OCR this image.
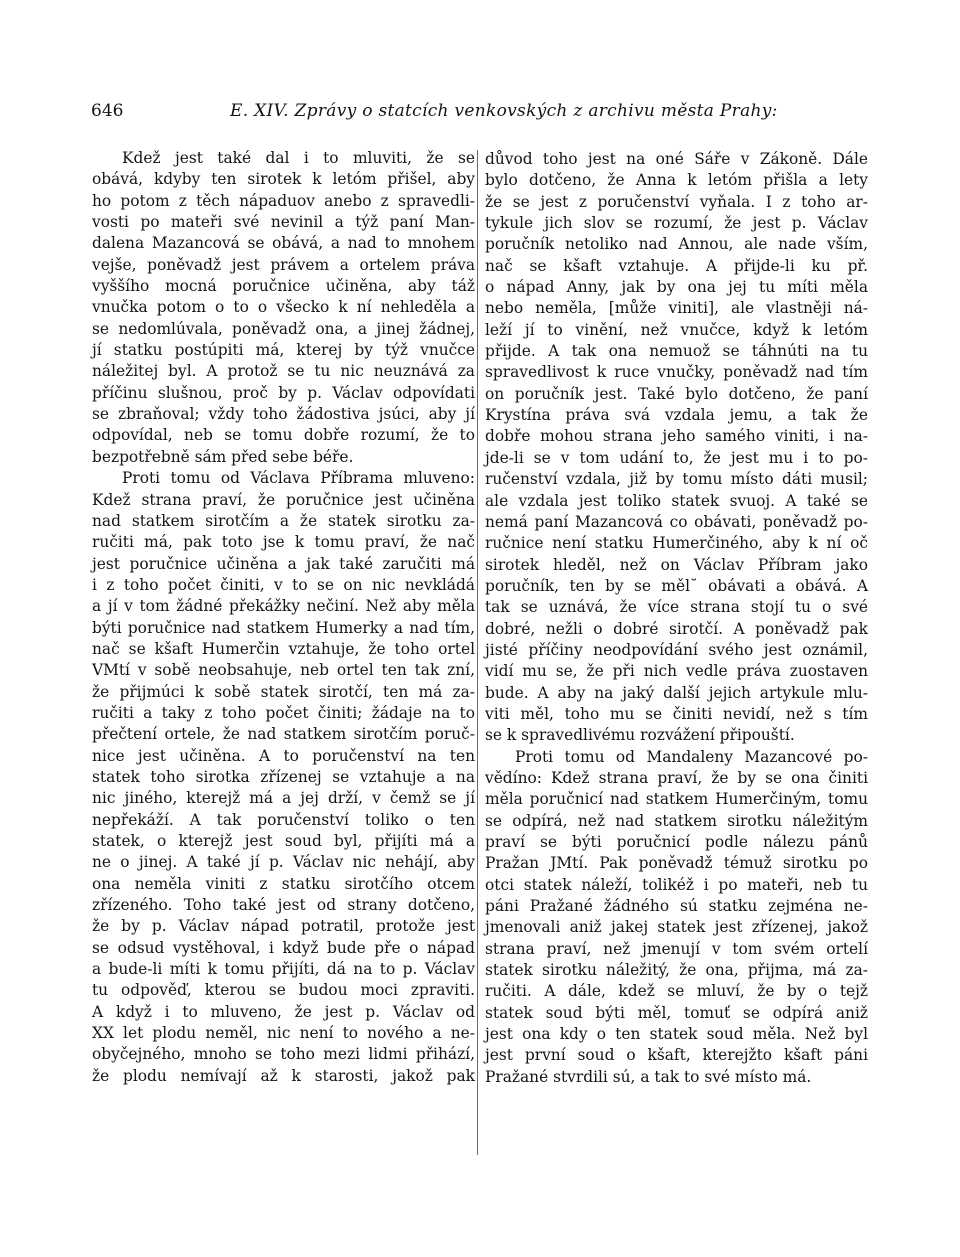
646	E. XIV. Zprávy o statcích venkovských z archivu města Prahy:
Kdež jest také dal i to mluviti, že se
obává, kdyby ten sirotek k letóm přišel, aby
ho potom z těch nápaduov anebo z spravedli-
vosti po mateři své nevinil a týž paní Man-
dalena Mazancová se obává, a nad to mnohem
vejše, poněvadž jest právem a ortelem práva
vyššího mocná poručnice učiněna, aby táž
vnučka potom o to o všecko k ní nehleděla a
se nedomlúvala, poněvadž ona, a jinej žádnej,
jí statku postúpiti má, kterej by týž vnučce
náležitej byl. A protož se tu nic neuznává za
příčinu slušnou, proč by p. Václav odpovídati
se zbraňoval; vždy toho žádostiva jsúci, aby jí
odpovídal, neb se tomu dobře rozumí, že to
bezpotřebně sám před sebe béře.
Proti tomu od Václava Příbrama mluveno:
Kdež strana praví, že poručnice jest učiněna
nad statkem sirotčím a že statek sirotku za-
ručiti má, pak toto jse k tomu praví, že nač
jest poručnice učiněna a jak také zaručiti má
i z toho počet činiti, v to se on nic nevkládá
a jí v tom žádné překážky nečiní. Než aby měla
býti poručnice nad statkem Humerky a nad tím,
nač se kšaft Humerčin vztahuje, že toho ortel
VMtí v sobě neobsahuje, neb ortel ten tak zní,
že přijmúci k sobě statek sirotčí, ten má za-
ručiti a taky z toho počet činiti; žádaje na to
přečtení ortele, že nad statkem sirotčím poruč-
nice jest učiněna. A to poručenství na ten
statek toho sirotka zřízenej se vztahuje a na
nic jiného, kterejž má a jej drží, v čemž se jí
nepřekáží. A tak poručenství toliko o ten
statek, o kterejž jest soud byl, přijíti má a
ne o jinej. A také jí p. Václav nic nehájí, aby
ona neměla viniti z statku sirotčího otcem
zřízeného. Toho také jest od strany dotčeno,
že by p. Václav nápad potratil, protože jest
se odsud vystěhoval, i když bude pře o nápad
a bude-li míti k tomu přijíti, dá na to p. Václav
tu odpověď, kterou se budou moci zpraviti.
A když i to mluveno, že jest p. Václav od
XX let plodu neměl, nic není to nového a ne-
obyčejného, mnoho se toho mezi lidmi přihází,
že plodu nemívají až k starosti, jakož pak
důvod toho jest na oné Sáře v Zákoně. Dále
bylo dotčeno, že Anna k letóm přišla a lety
že se jest z poručenství vyňala. I z toho ar-
tykule jich slov se rozumí, že jest p. Václav
poručník netoliko nad Annou, ale nade vším,
nač se kšaft vztahuje. A přijde-li ku př.
o nápad Anny, jak by ona jej tu míti měla
nebo neměla, [může viniti], ale vlastněji ná-
leží jí to vinění, než vnučce, když k letóm
přijde. A tak ona nemuož se táhnúti na tu
spravedlivost k ruce vnučky, poněvadž nad tím
on poručník jest. Také bylo dotčeno, že paní
Krystína práva svá vzdala jemu, a tak že
dobře mohou strana jeho samého viniti, i na-
jde-li se v tom udání to, že jest mu i to po-
ručenství vzdala, již by tomu místo dáti musil;
ale vzdala jest toliko statek svuoj. A také se
nemá paní Mazancová co obávati, poněvadž po-
ručnice není statku Humerčiného, aby k ní oč
sirotek hleděl, než on Václav Příbram jako
poručník, ten by se měl˘ obávati a obává. A
tak se uznává, že více strana stojí tu o své
dobré, nežli o dobré sirotčí. A poněvadž pak
jisté příčiny neodpovídání svého jest oznámil,
vidí mu se, že při nich vedle práva zuostaven
bude. A aby na jaký další jejich artykule mlu-
viti měl, toho mu se činiti nevidí, než s tím
se k spravedlivému rozvážení připouští.
Proti tomu od Mandaleny Mazancové po-
vědíno: Kdež strana praví, že by se ona činiti
měla poručnicí nad statkem Humerčiným, tomu
se odpírá, než nad statkem sirotku náležitým
praví se býti poručnicí podle nálezu pánů
Pražan JMtí. Pak poněvadž témuž sirotku po
otci statek náleží, tolikéž i po mateři, neb tu
páni Pražané žádného sú statku zejména ne-
jmenovali aniž jakej statek jest zřízenej, jakož
strana praví, než jmenují v tom svém ortelí
statek sirotku náležitý, že ona, přijma, má za-
ručiti. A dále, kdež se mluví, že by o tejž
statek soud býti měl, tomuť se odpírá aniž
jest ona kdy o ten statek soud měla. Než byl
jest první soud o kšaft, kterejžto kšaft páni
Pražané stvrdili sú, a tak to své místo má.
